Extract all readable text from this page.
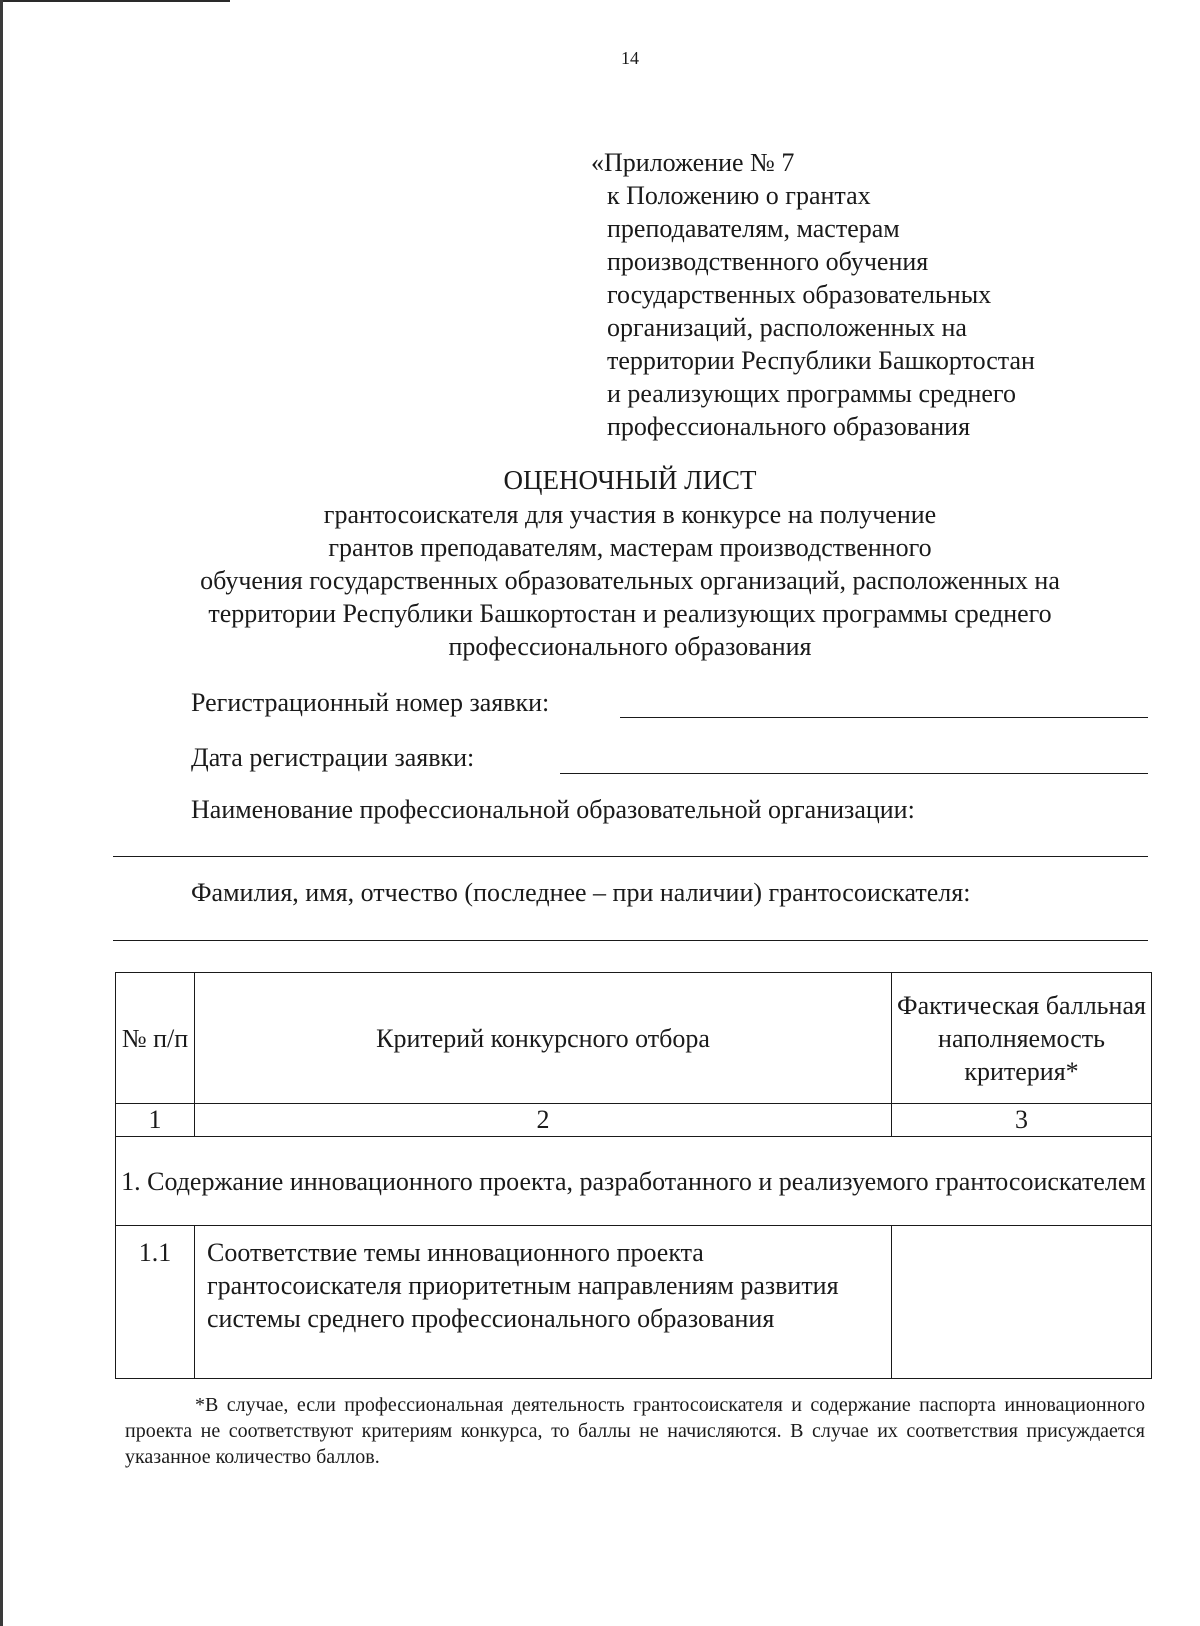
14
«Приложение № 7
к Положению о грантах
преподавателям, мастерам
производственного обучения
государственных образовательных
организаций, расположенных на
территории Республики Башкортостан
и реализующих программы среднего
профессионального образования
ОЦЕНОЧНЫЙ ЛИСТ
грантосоискателя для участия в конкурсе на получение
грантов преподавателям, мастерам производственного
обучения государственных образовательных организаций, расположенных на
территории Республики Башкортостан и реализующих программы среднего
профессионального образования
Регистрационный номер заявки:
Дата регистрации заявки:
Наименование профессиональной образовательной организации:
Фамилия, имя, отчество (последнее – при наличии) грантосоискателя:
№ п/п	Критерий конкурсного отбора	Фактическая балльная наполняемость критерия*
1	2	3
1. Содержание инновационного проекта, разработанного и реализуемого грантосоискателем		
1.1	Соответствие темы инновационного проекта грантосоискателя приоритетным направлениям развития системы среднего профессионального образования	

*В случае, если профессиональная деятельность грантосоискателя и содержание паспорта инновационного проекта не соответствуют критериям конкурса, то баллы не начисляются. В случае их соответствия присуждается указанное количество баллов.
